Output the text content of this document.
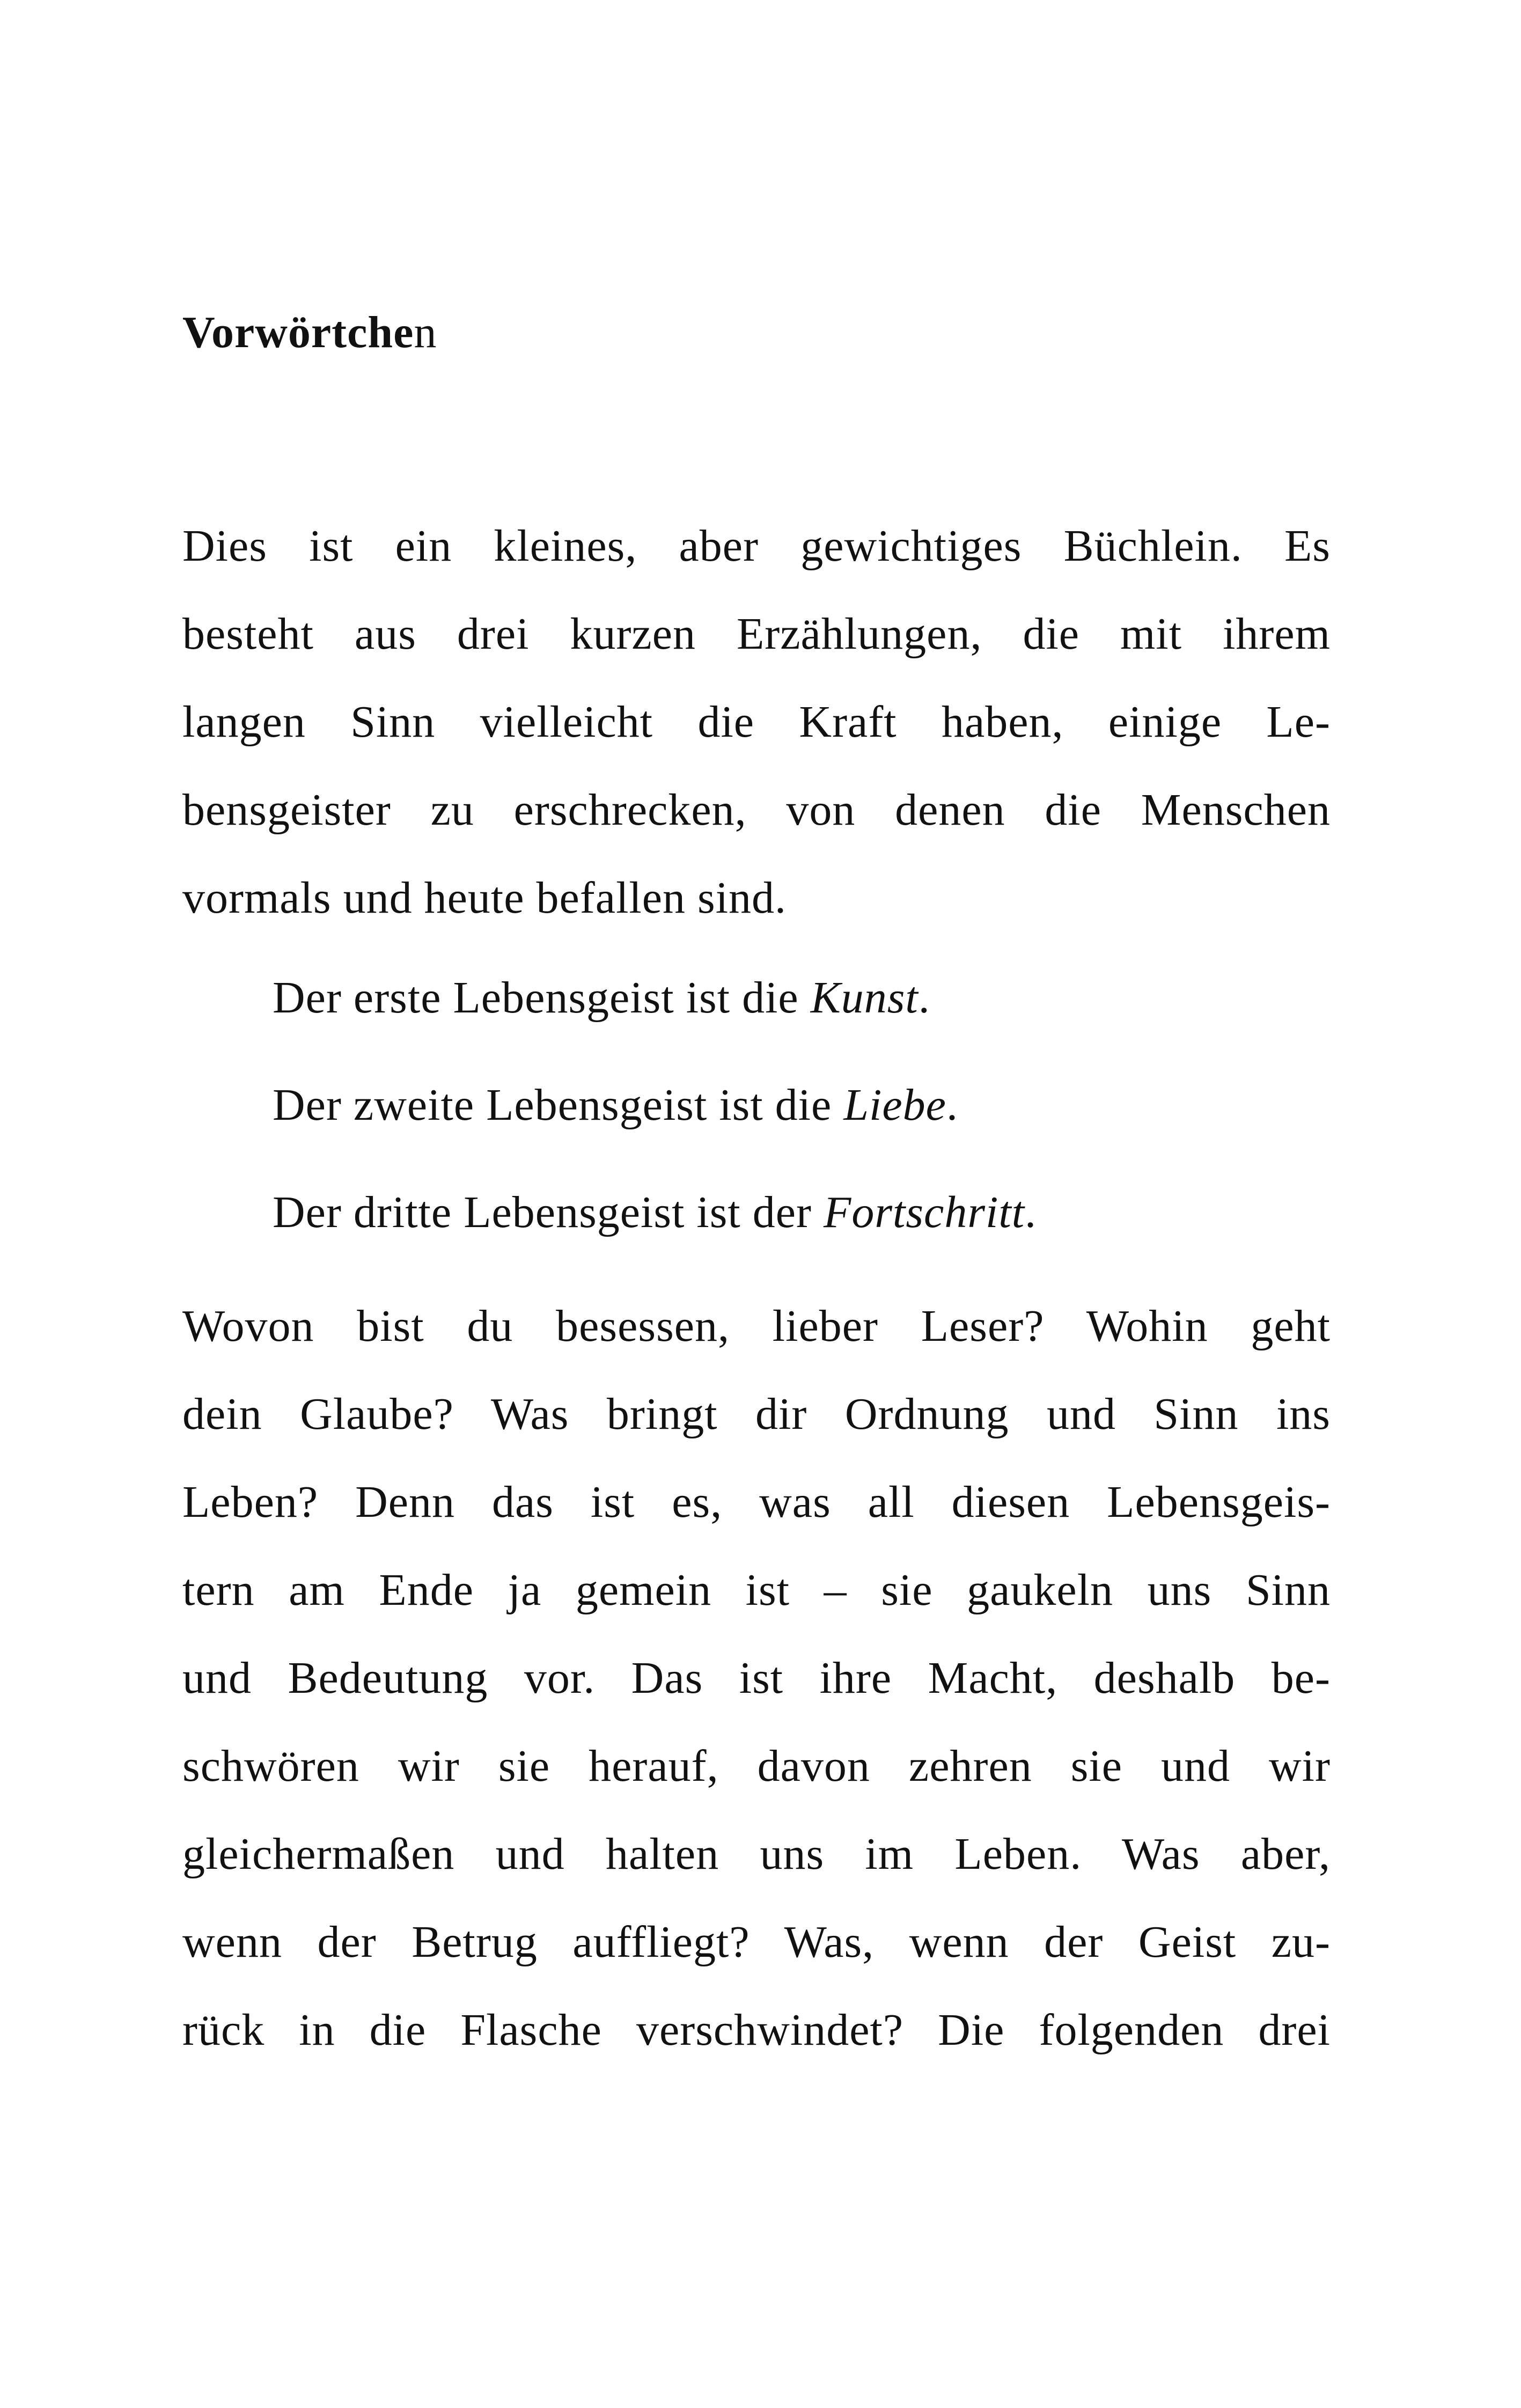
Vorwörtchen
Dies ist ein kleines, aber gewichtiges Büchlein. Es
besteht aus drei kurzen Erzählungen, die mit ihrem
langen Sinn vielleicht die Kraft haben, einige Le-
bensgeister zu erschrecken, von denen die Menschen
vormals und heute befallen sind.
Der erste Lebensgeist ist die Kunst.
Der zweite Lebensgeist ist die Liebe.
Der dritte Lebensgeist ist der Fortschritt.
Wovon bist du besessen, lieber Leser? Wohin geht
dein Glaube? Was bringt dir Ordnung und Sinn ins
Leben? Denn das ist es, was all diesen Lebensgeis-
tern am Ende ja gemein ist – sie gaukeln uns Sinn
und Bedeutung vor. Das ist ihre Macht, deshalb be-
schwören wir sie herauf, davon zehren sie und wir
gleichermaßen und halten uns im Leben. Was aber,
wenn der Betrug auffliegt? Was, wenn der Geist zu-
rück in die Flasche verschwindet? Die folgenden drei
